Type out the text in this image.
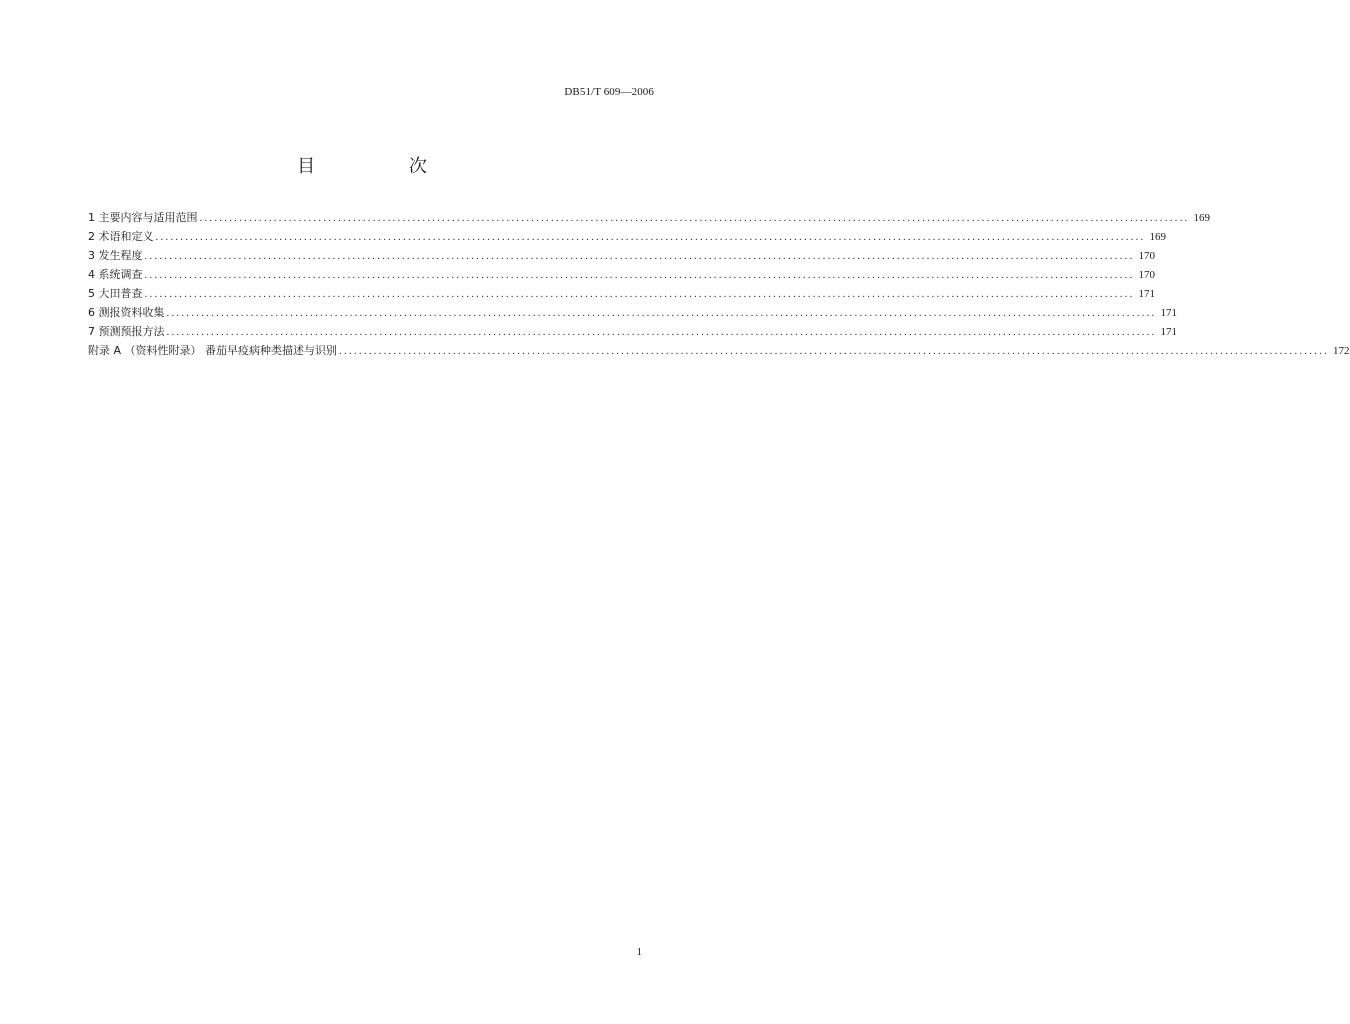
DB51/T 609—2006
目 次
1 主要内容与适用范围 ........................................................................................................................................................................................................ 169
2 术语和定义 ........................................................................................................................................................................................................ 169
3 发生程度 ........................................................................................................................................................................................................ 170
4 系统调查 ........................................................................................................................................................................................................ 170
5 大田普查 ........................................................................................................................................................................................................ 171
6 测报资料收集 ........................................................................................................................................................................................................ 171
7 预测预报方法 ........................................................................................................................................................................................................ 171
附录 A （资料性附录） 番茄早疫病种类描述与识别 ........................................................................................................................................................................................................ 172
1
